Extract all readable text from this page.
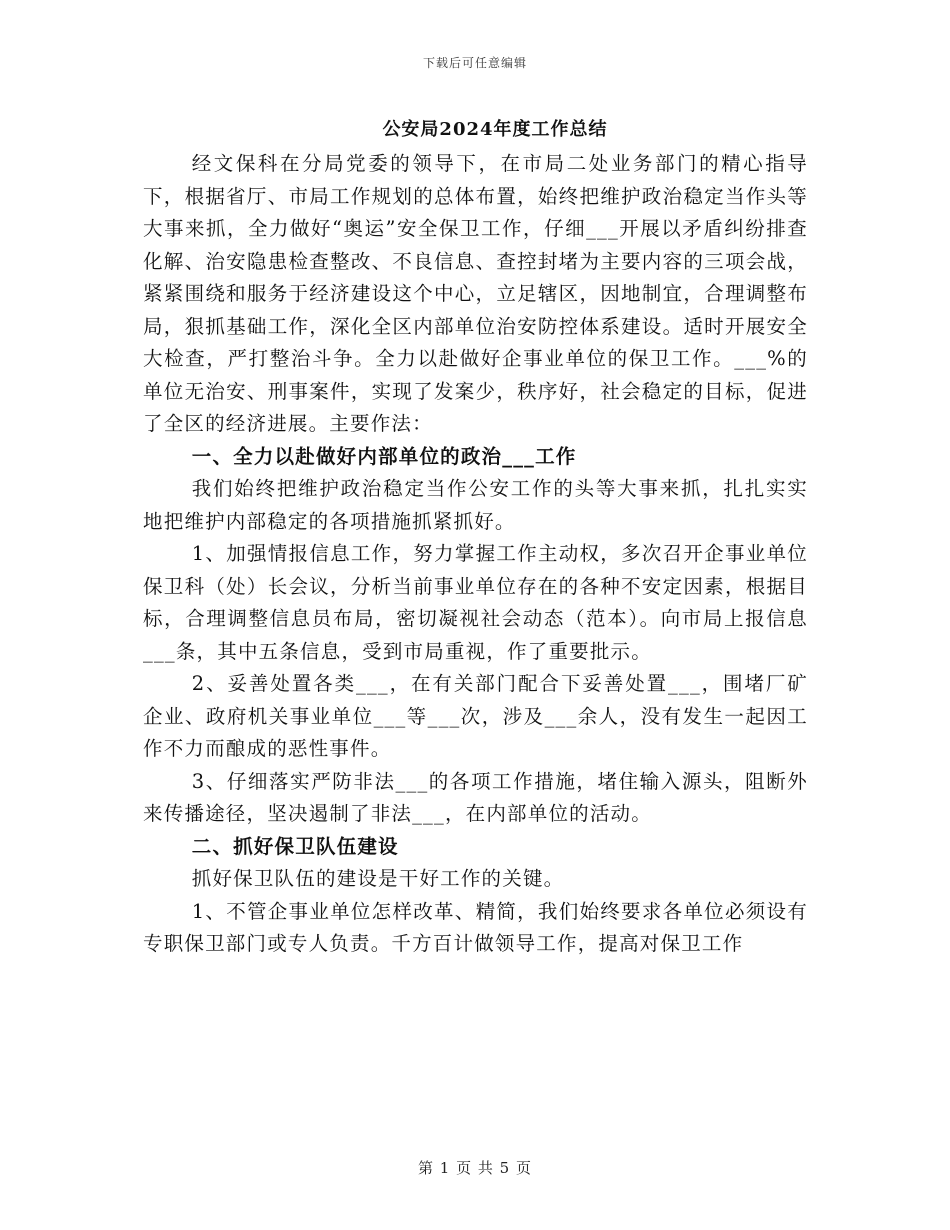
下载后可任意编辑
公安局2024年度工作总结

经文保科在分局党委的领导下，在市局二处业务部门的精心指导下，根据省厅、市局工作规划的总体布置，始终把维护政治稳定当作头等大事来抓，全力做好“奥运”安全保卫工作，仔细___开展以矛盾纠纷排查化解、治安隐患检查整改、不良信息、查控封堵为主要内容的三项会战，紧紧围绕和服务于经济建设这个中心，立足辖区，因地制宜，合理调整布局，狠抓基础工作，深化全区内部单位治安防控体系建设。适时开展安全大检查，严打整治斗争。全力以赴做好企事业单位的保卫工作。___%的单位无治安、刑事案件，实现了发案少，秩序好，社会稳定的目标，促进了全区的经济进展。主要作法：

一、全力以赴做好内部单位的政治___工作

我们始终把维护政治稳定当作公安工作的头等大事来抓，扎扎实实地把维护内部稳定的各项措施抓紧抓好。

1、加强情报信息工作，努力掌握工作主动权，多次召开企事业单位保卫科（处）长会议，分析当前事业单位存在的各种不安定因素，根据目标，合理调整信息员布局，密切凝视社会动态（范本）。向市局上报信息___条，其中五条信息，受到市局重视，作了重要批示。

2、妥善处置各类___，在有关部门配合下妥善处置___，围堵厂矿企业、政府机关事业单位___等___次，涉及___余人，没有发生一起因工作不力而酿成的恶性事件。

3、仔细落实严防非法___的各项工作措施，堵住输入源头，阻断外来传播途径，坚决遏制了非法___，在内部单位的活动。

二、抓好保卫队伍建设

抓好保卫队伍的建设是干好工作的关键。

1、不管企事业单位怎样改革、精简，我们始终要求各单位必须设有专职保卫部门或专人负责。千方百计做领导工作，提高对保卫工作

第 1 页 共 5 页
